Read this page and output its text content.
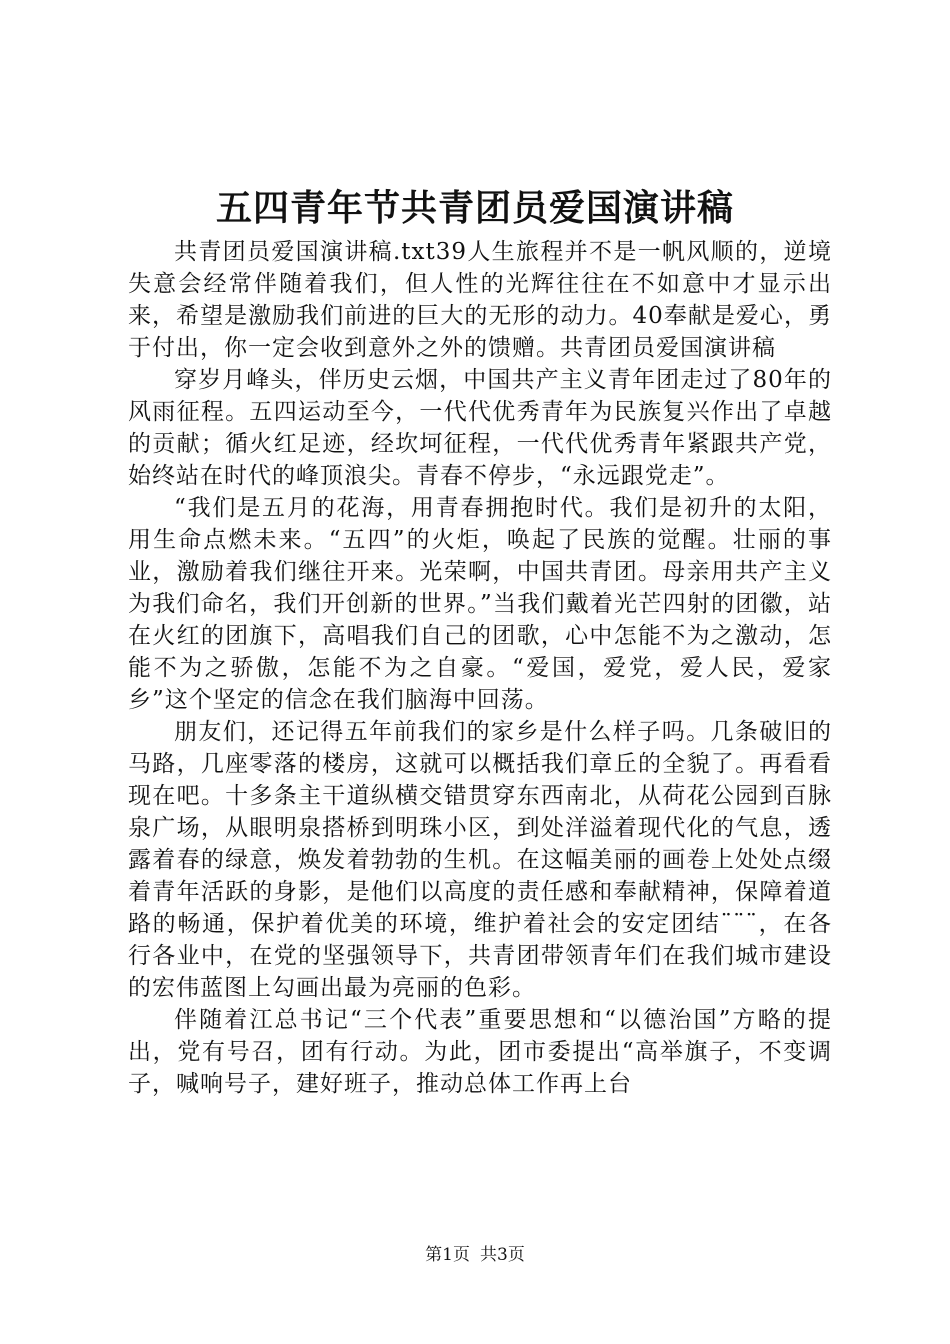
五四青年节共青团员爱国演讲稿

共青团员爱国演讲稿.txt39人生旅程并不是一帆风顺的，逆境失意会经常伴随着我们，但人性的光辉往往在不如意中才显示出来，希望是激励我们前进的巨大的无形的动力。40奉献是爱心，勇于付出，你一定会收到意外之外的馈赠。共青团员爱国演讲稿

穿岁月峰头，伴历史云烟，中国共产主义青年团走过了80年的风雨征程。五四运动至今，一代代优秀青年为民族复兴作出了卓越的贡献；循火红足迹，经坎坷征程，一代代优秀青年紧跟共产党，始终站在时代的峰顶浪尖。青春不停步，“永远跟党走”。

“我们是五月的花海，用青春拥抱时代。我们是初升的太阳，用生命点燃未来。“五四”的火炬，唤起了民族的觉醒。壮丽的事业，激励着我们继往开来。光荣啊，中国共青团。母亲用共产主义为我们命名，我们开创新的世界。”当我们戴着光芒四射的团徽，站在火红的团旗下，高唱我们自己的团歌，心中怎能不为之激动，怎能不为之骄傲，怎能不为之自豪。“爱国，爱党，爱人民，爱家乡”这个坚定的信念在我们脑海中回荡。

朋友们，还记得五年前我们的家乡是什么样子吗。几条破旧的马路，几座零落的楼房，这就可以概括我们章丘的全貌了。再看看现在吧。十多条主干道纵横交错贯穿东西南北，从荷花公园到百脉泉广场，从眼明泉搭桥到明珠小区，到处洋溢着现代化的气息，透露着春的绿意，焕发着勃勃的生机。在这幅美丽的画卷上处处点缀着青年活跃的身影，是他们以高度的责任感和奉献精神，保障着道路的畅通，保护着优美的环境，维护着社会的安定团结¨¨¨，在各行各业中，在党的坚强领导下，共青团带领青年们在我们城市建设的宏伟蓝图上勾画出最为亮丽的色彩。

伴随着江总书记“三个代表”重要思想和“以德治国”方略的提出，党有号召，团有行动。为此，团市委提出“高举旗子，不变调子，喊响号子，建好班子，推动总体工作再上台

第1页 共3页
